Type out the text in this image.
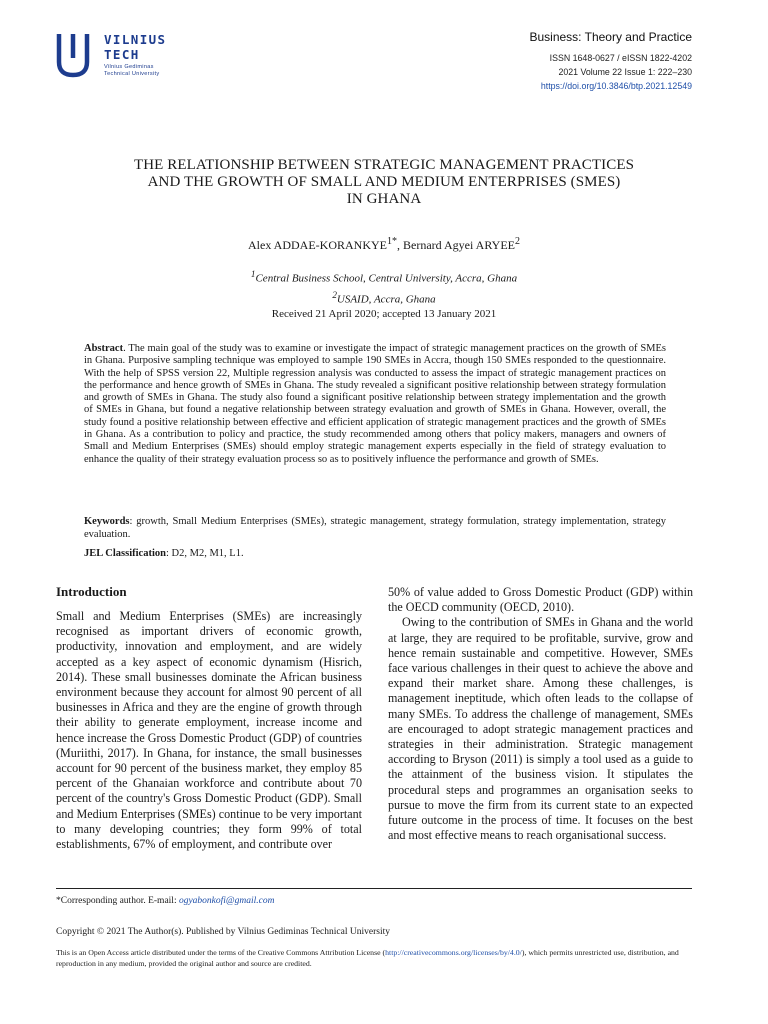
VILNIUS
TECH
Vilnius Gediminas
Technical University
Business: Theory and Practice
ISSN 1648-0627 / eISSN 1822-4202
2021 Volume 22 Issue 1: 222–230
https://doi.org/10.3846/btp.2021.12549
THE RELATIONSHIP BETWEEN STRATEGIC MANAGEMENT PRACTICES
AND THE GROWTH OF SMALL AND MEDIUM ENTERPRISES (SMES)
IN GHANA
Alex ADDAE-$KORANKYE^{1*}$, Bernard Agyei ARYEE$^2$
$^1$Central Business School, Central University, Accra, Ghana
$^2$USAID, Accra, Ghana
Received 21 April 2020; accepted 13 January 2021
Abstract. The main goal of the study was to examine or investigate the impact of strategic management practices on the growth of SMEs in Ghana. Purposive sampling technique was employed to sample 190 SMEs in Accra, though 150 SMEs responded to the questionnaire. With the help of SPSS version 22, Multiple regression analysis was conducted to assess the impact of strategic management practices on the performance and hence growth of SMEs in Ghana. The study revealed a significant positive relationship between strategy formulation and growth of SMEs in Ghana. The study also found a significant positive relationship between strategy implementation and the growth of SMEs in Ghana, but found a negative relationship between strategy evaluation and growth of SMEs in Ghana. However, overall, the study found a positive relationship between effective and efficient application of strategic management practices and the growth of SMEs in Ghana. As a contribution to policy and practice, the study recommended among others that policy makers, managers and owners of Small and Medium Enterprises (SMEs) should employ strategic management experts especially in the field of strategy evaluation to enhance the quality of their strategy evaluation process so as to positively influence the performance and growth of SMEs.
Keywords: growth, Small Medium Enterprises (SMEs), strategic management, strategy formulation, strategy implementation, strategy evaluation.
JEL Classification: D2, M2, M1, L1.
Introduction

Small and Medium Enterprises (SMEs) are increasingly recognised as important drivers of economic growth, productivity, innovation and employment, and are widely accepted as a key aspect of economic dynamism (Hisrich, 2014). These small businesses dominate the African business environment because they account for almost 90 percent of all businesses in Africa and they are the engine of growth through their ability to generate employment, increase income and hence increase the Gross Domestic Product (GDP) of countries (Muriithi, 2017). In Ghana, for instance, the small businesses account for 90 percent of the business market, they employ 85 percent of the Ghanaian workforce and contribute about 70 percent of the country's Gross Domestic Product (GDP). Small and Medium Enterprises (SMEs) continue to be very important to many developing countries; they form 99% of total establishments, 67% of employment, and contribute over

50% of value added to Gross Domestic Product (GDP) within the OECD community (OECD, 2010).

Owing to the contribution of SMEs in Ghana and the world at large, they are required to be profitable, survive, grow and hence remain sustainable and competitive. However, SMEs face various challenges in their quest to achieve the above and expand their market share. Among these challenges, is management ineptitude, which often leads to the collapse of many SMEs. To address the challenge of management, SMEs are encouraged to adopt strategic management practices and strategies in their administration. Strategic management according to Bryson (2011) is simply a tool used as a guide to the attainment of the business vision. It stipulates the procedural steps and programmes an organisation seeks to pursue to move the firm from its current state to an expected future outcome in the process of time. It focuses on the best and most effective means to reach organisational success.

*Corresponding author. E-mail: ogyabonkofi@gmail.com
Copyright © 2021 The Author(s). Published by Vilnius Gediminas Technical University
This is an Open Access article distributed under the terms of the Creative Commons Attribution License (http://creativecommons.org/licenses/by/4.0/), which permits unrestricted use, distribution, and reproduction in any medium, provided the original author and source are credited.
